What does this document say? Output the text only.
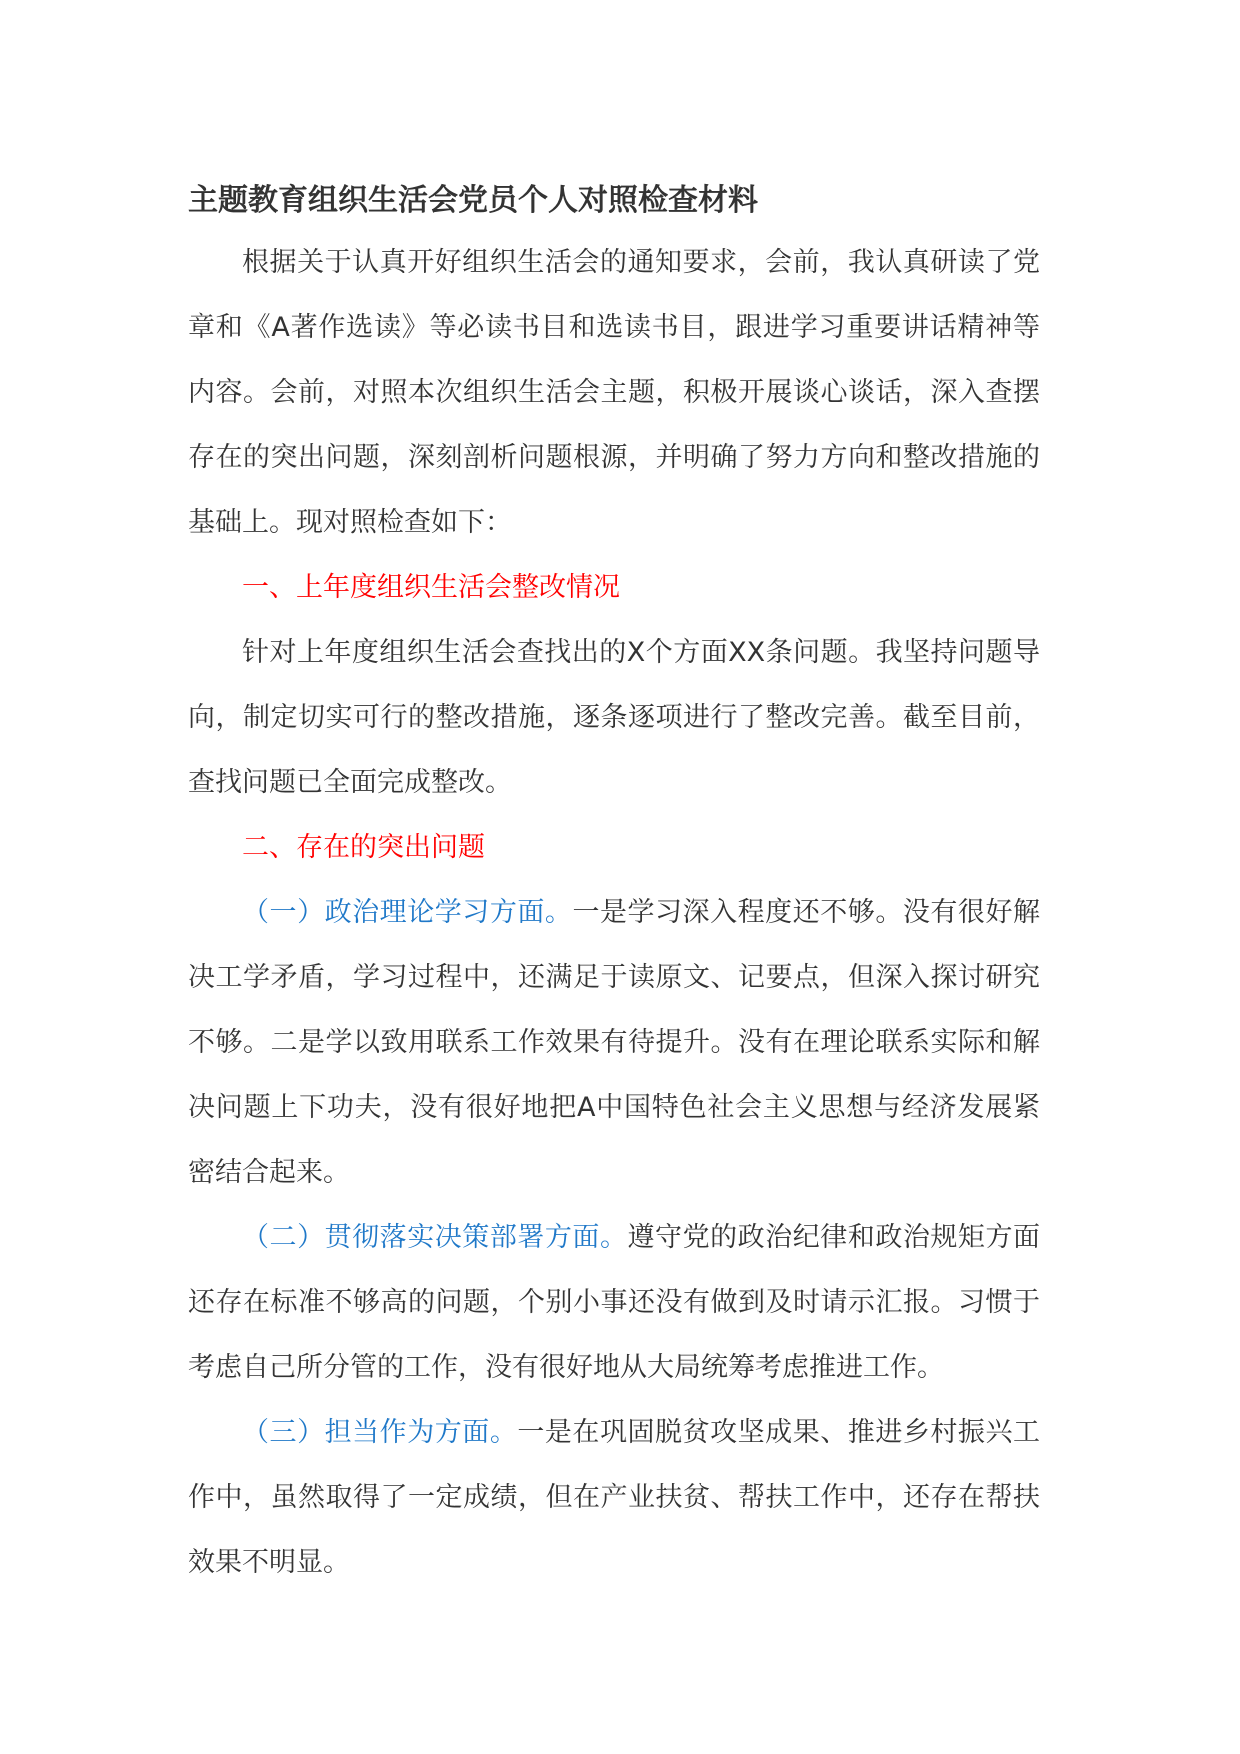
主题教育组织生活会党员个人对照检查材料

根据关于认真开好组织生活会的通知要求，会前，我认真研读了党章和《A著作选读》等必读书目和选读书目，跟进学习重要讲话精神等内容。会前，对照本次组织生活会主题，积极开展谈心谈话，深入查摆存在的突出问题，深刻剖析问题根源，并明确了努力方向和整改措施的基础上。现对照检查如下：

一、上年度组织生活会整改情况

针对上年度组织生活会查找出的X个方面XX条问题。我坚持问题导向，制定切实可行的整改措施，逐条逐项进行了整改完善。截至目前，查找问题已全面完成整改。

二、存在的突出问题

（一）政治理论学习方面。一是学习深入程度还不够。没有很好解决工学矛盾，学习过程中，还满足于读原文、记要点，但深入探讨研究不够。二是学以致用联系工作效果有待提升。没有在理论联系实际和解决问题上下功夫，没有很好地把A中国特色社会主义思想与经济发展紧密结合起来。

（二）贯彻落实决策部署方面。遵守党的政治纪律和政治规矩方面还存在标准不够高的问题，个别小事还没有做到及时请示汇报。习惯于考虑自己所分管的工作，没有很好地从大局统筹考虑推进工作。

（三）担当作为方面。一是在巩固脱贫攻坚成果、推进乡村振兴工作中，虽然取得了一定成绩，但在产业扶贫、帮扶工作中，还存在帮扶效果不明显。
